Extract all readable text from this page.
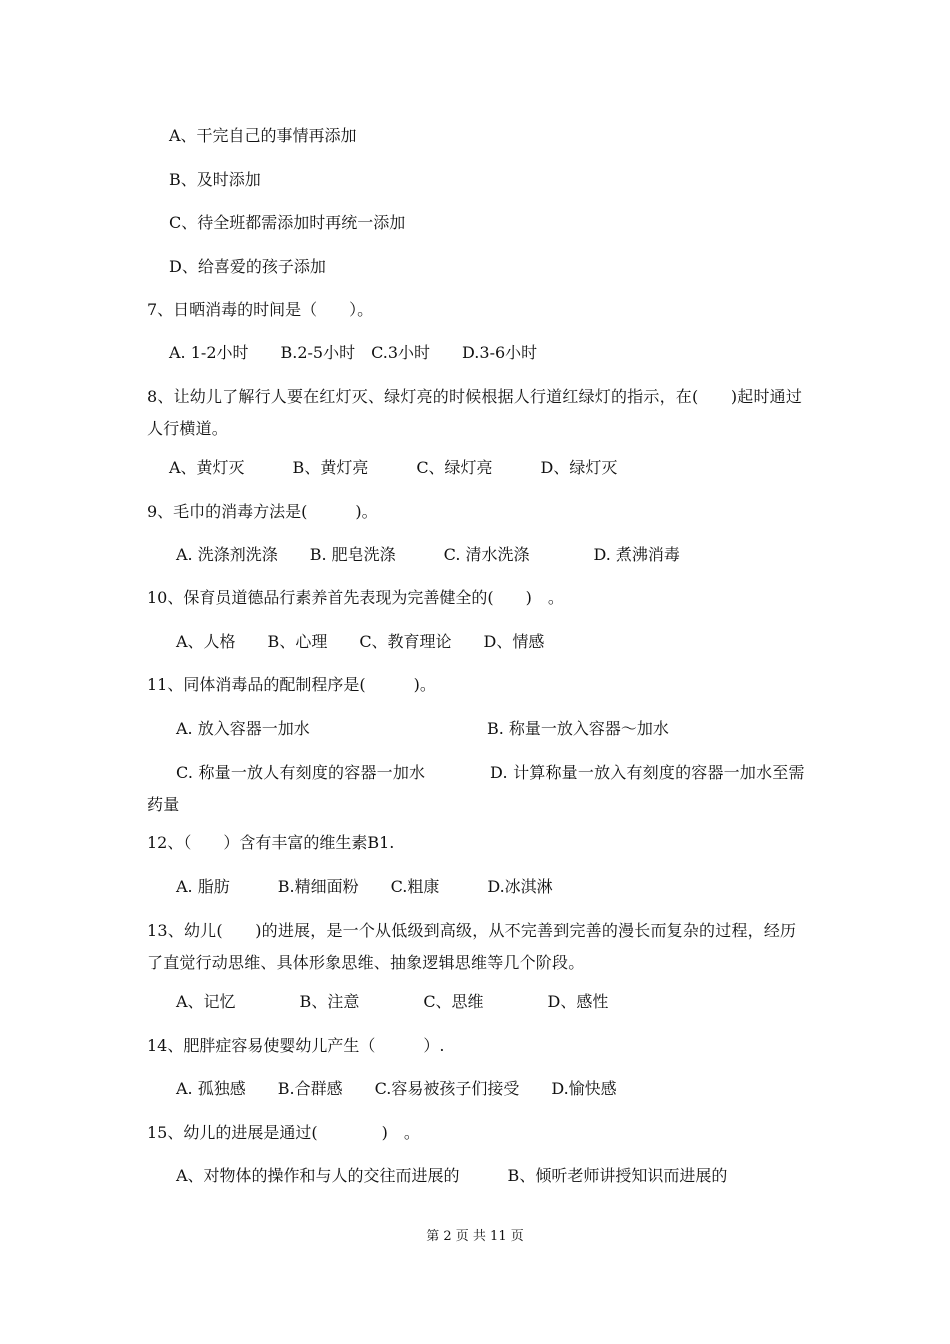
A、干完自己的事情再添加
B、及时添加
C、待全班都需添加时再统一添加
D、给喜爱的孩子添加
7、日晒消毒的时间是（　　）。
A. 1-2小时　　B.2-5小时　C.3小时　　D.3-6小时
8、让幼儿了解行人要在红灯灭、绿灯亮的时候根据人行道红绿灯的指示，在(　　)起时通过人行横道。
A、黄灯灭　　　B、黄灯亮　　　C、绿灯亮　　　D、绿灯灭
9、毛巾的消毒方法是(　　　)。
A. 洗涤剂洗涤　　B. 肥皂洗涤　　　C. 清水洗涤　　　　D. 煮沸消毒
10、保育员道德品行素养首先表现为完善健全的(　　)　。
A、人格　　B、心理　　C、教育理论　　D、情感
11、同体消毒品的配制程序是(　　　)。
A. 放入容器一加水	B. 称量一放入容器～加水
C. 称量一放人有刻度的容器一加水　　　　D. 计算称量一放入有刻度的容器一加水至需药量
12、（　　）含有丰富的维生素B1.
A. 脂肪　　　B.精细面粉　　C.粗康　　　D.冰淇淋
13、幼儿(　　)的进展，是一个从低级到高级，从不完善到完善的漫长而复杂的过程，经历了直觉行动思维、具体形象思维、抽象逻辑思维等几个阶段。
A、记忆　　　　B、注意　　　　C、思维　　　　D、感性
14、肥胖症容易使婴幼儿产生（　　　）.
A. 孤独感　　B.合群感　　C.容易被孩子们接受　　D.愉快感
15、幼儿的进展是通过(　　　　)　。
A、对物体的操作和与人的交往而进展的　　　B、倾听老师讲授知识而进展的
第 2 页 共 11 页
